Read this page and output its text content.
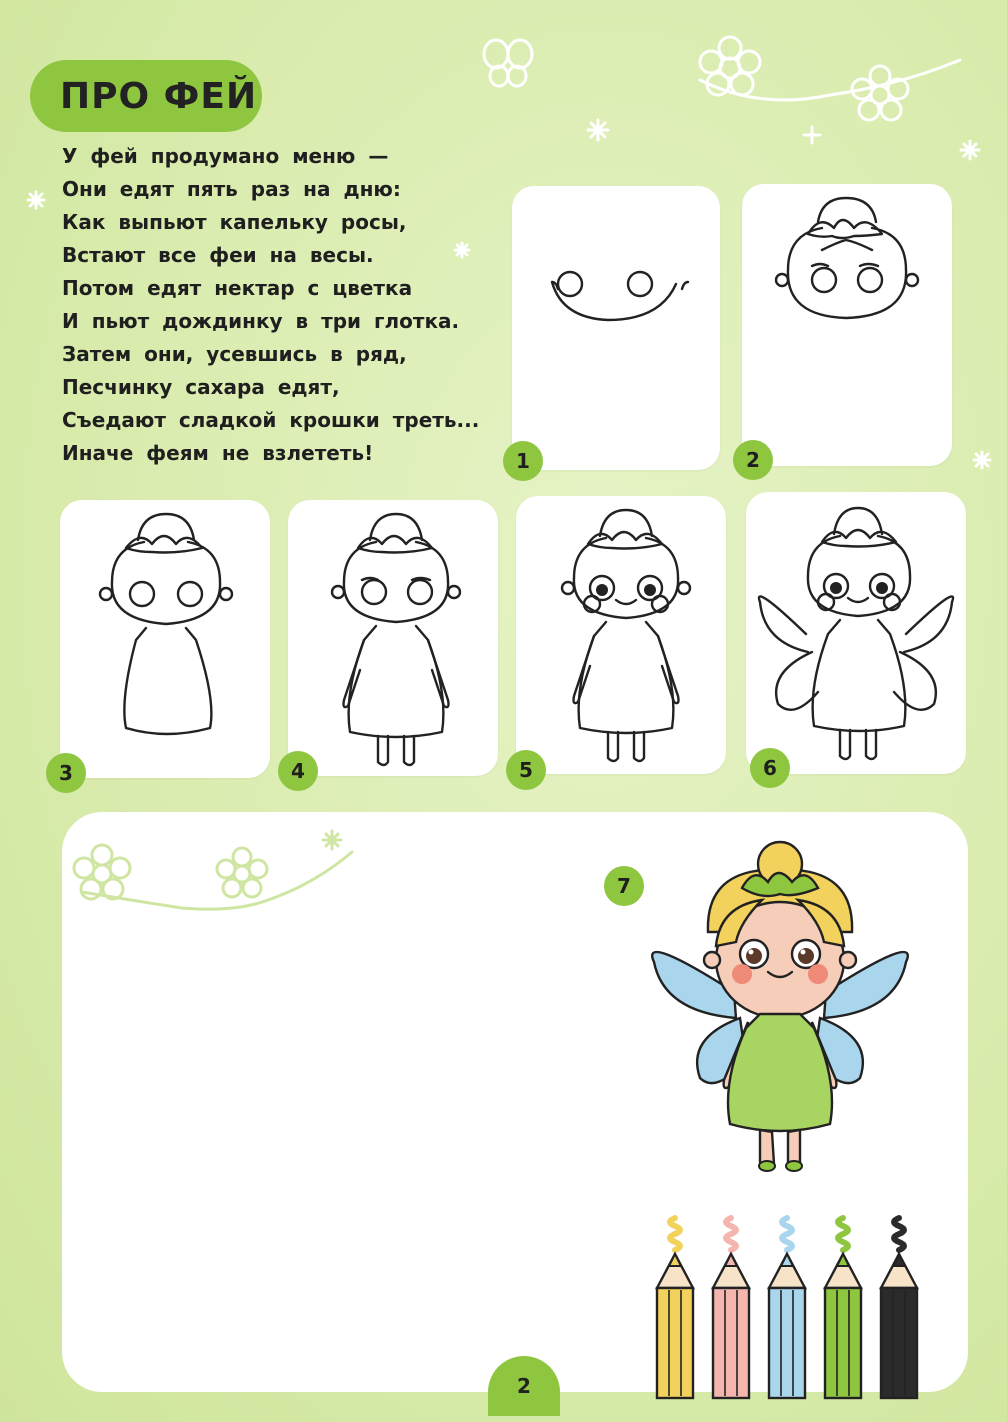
ПРО ФЕЙ
У фей продумано меню —
Они едят пять раз на дню:
Как выпьют капельку росы,
Встают все феи на весы.
Потом едят нектар с цветка
И пьют дождинку в три глотка.
Затем они, усевшись в ряд,
Песчинку сахара едят,
Съедают сладкой крошки треть...
Иначе феям не взлететь!	1	2
3	4	5	6
7
2
